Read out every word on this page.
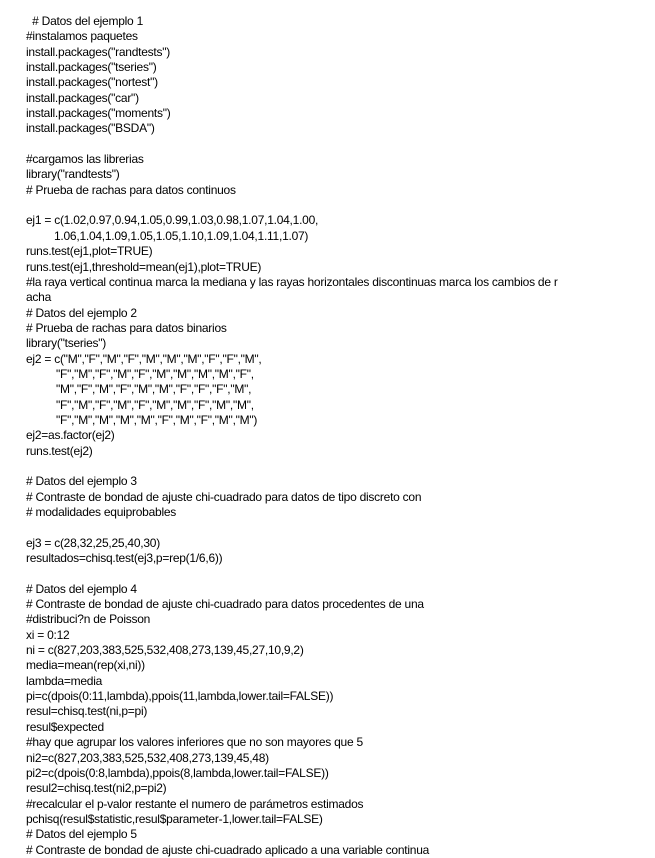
# Datos del ejemplo 1
#instalamos paquetes
install.packages("randtests")
install.packages("tseries")
install.packages("nortest")
install.packages("car")
install.packages("moments")
install.packages("BSDA")
#cargamos las librerias
library("randtests")
# Prueba de rachas para datos continuos
ej1 = c(1.02,0.97,0.94,1.05,0.99,1.03,0.98,1.07,1.04,1.00,
1.06,1.04,1.09,1.05,1.05,1.10,1.09,1.04,1.11,1.07)
runs.test(ej1,plot=TRUE)
runs.test(ej1,threshold=mean(ej1),plot=TRUE)
#la raya vertical continua marca la mediana y las rayas horizontales discontinuas marca los cambios de r
acha
# Datos del ejemplo 2
# Prueba de rachas para datos binarios
library("tseries")
ej2 = c("M","F","M","F","M","M","M","F","F","M",
"F","M","F","M","F","M","M","M","M","F",
"M","F","M","F","M","M","F","F","F","M",
"F","M","F","M","F","M","M","F","M","M",
"F","M","M","M","M","F","M","F","M","M")
ej2=as.factor(ej2)
runs.test(ej2)
# Datos del ejemplo 3
# Contraste de bondad de ajuste chi-cuadrado para datos de tipo discreto con
# modalidades equiprobables
ej3 = c(28,32,25,25,40,30)
resultados=chisq.test(ej3,p=rep(1/6,6))
# Datos del ejemplo 4
# Contraste de bondad de ajuste chi-cuadrado para datos procedentes de una
#distribuci?n de Poisson
xi = 0:12
ni = c(827,203,383,525,532,408,273,139,45,27,10,9,2)
media=mean(rep(xi,ni))
lambda=media
pi=c(dpois(0:11,lambda),ppois(11,lambda,lower.tail=FALSE))
resul=chisq.test(ni,p=pi)
resul$expected
#hay que agrupar los valores inferiores que no son mayores que 5
ni2=c(827,203,383,525,532,408,273,139,45,48)
pi2=c(dpois(0:8,lambda),ppois(8,lambda,lower.tail=FALSE))
resul2=chisq.test(ni2,p=pi2)
#recalcular el p-valor restante el numero de parámetros estimados
pchisq(resul$statistic,resul$parameter-1,lower.tail=FALSE)
# Datos del ejemplo 5
# Contraste de bondad de ajuste chi-cuadrado aplicado a una variable continua
